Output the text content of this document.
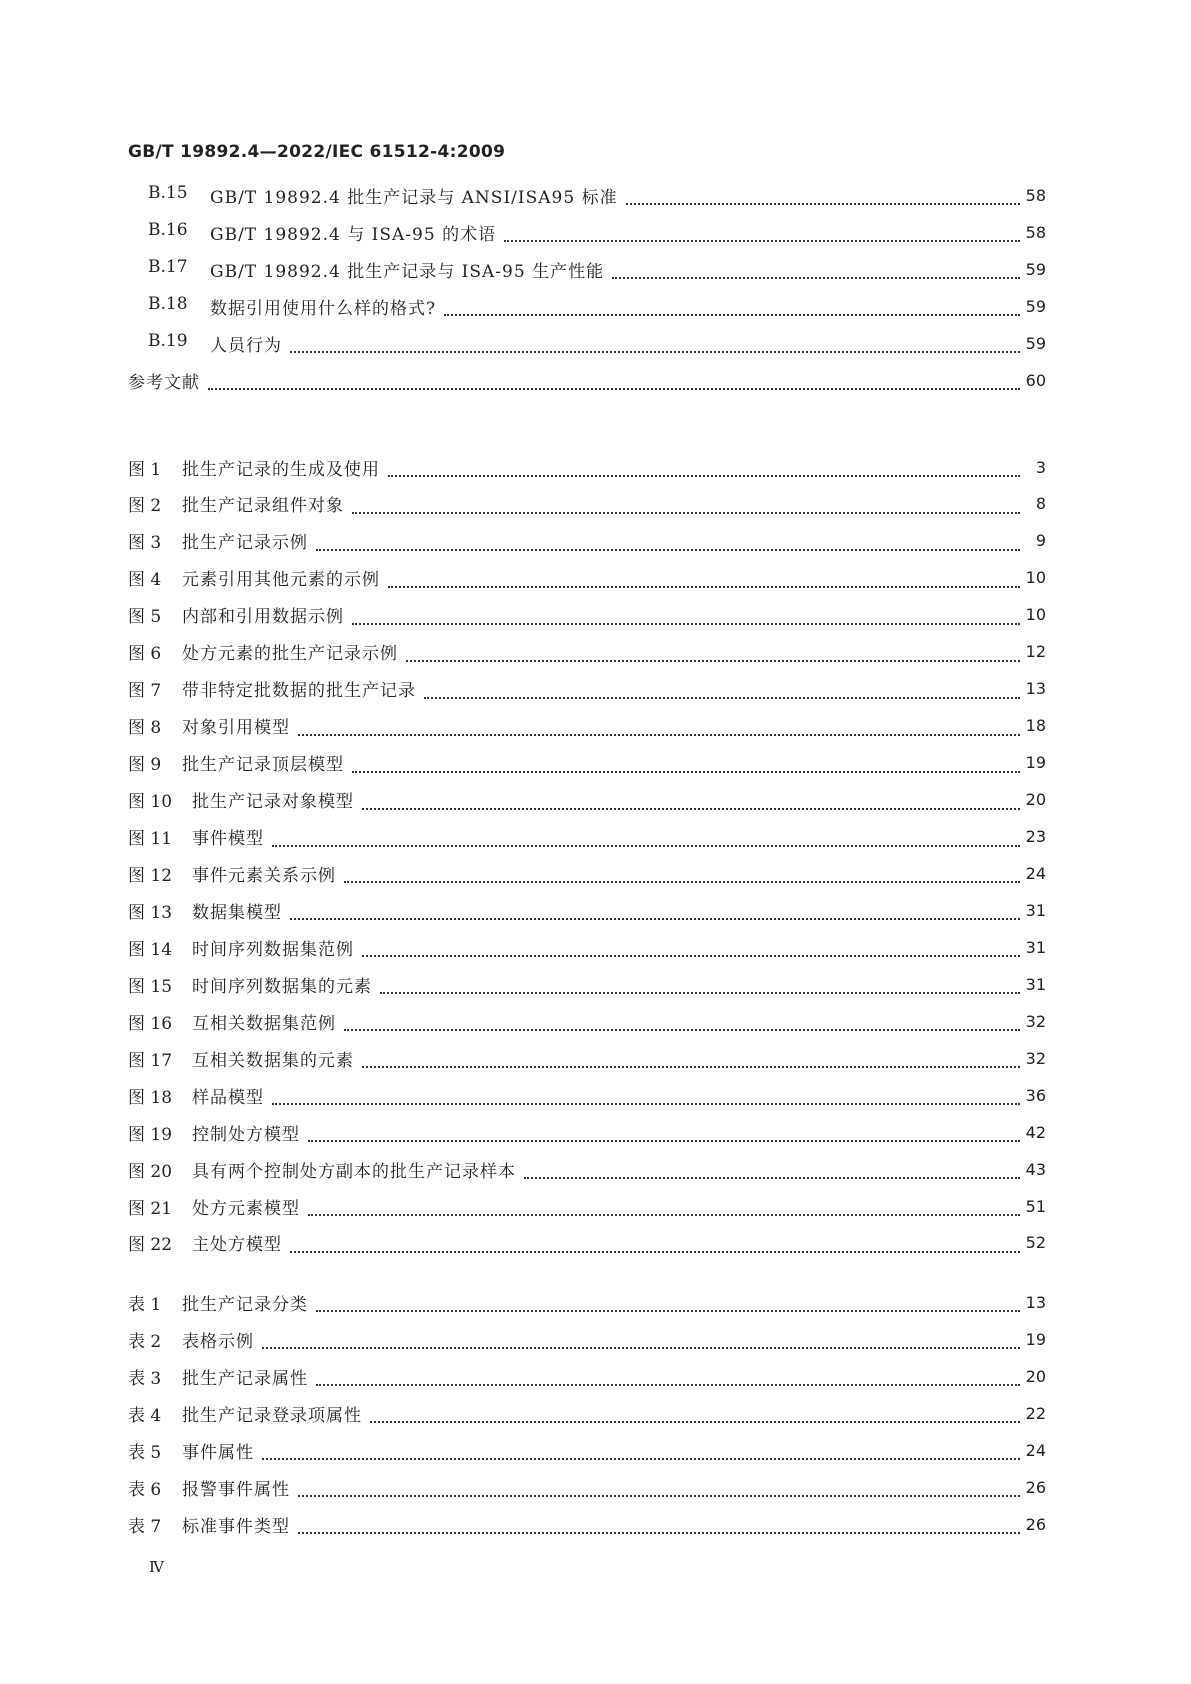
GB/T 19892.4—2022/IEC 61512-4:2009
B.15	GB/T 19892.4 批生产记录与 ANSI/ISA95 标准	58
B.16	GB/T 19892.4 与 ISA-95 的术语	58
B.17	GB/T 19892.4 批生产记录与 ISA-95 生产性能	59
B.18	数据引用使用什么样的格式?	59
B.19	人员行为	59
参考文献	60
图 1	批生产记录的生成及使用	3
图 2	批生产记录组件对象	8
图 3	批生产记录示例	9
图 4	元素引用其他元素的示例	10
图 5	内部和引用数据示例	10
图 6	处方元素的批生产记录示例	12
图 7	带非特定批数据的批生产记录	13
图 8	对象引用模型	18
图 9	批生产记录顶层模型	19
图 10	批生产记录对象模型	20
图 11	事件模型	23
图 12	事件元素关系示例	24
图 13	数据集模型	31
图 14	时间序列数据集范例	31
图 15	时间序列数据集的元素	31
图 16	互相关数据集范例	32
图 17	互相关数据集的元素	32
图 18	样品模型	36
图 19	控制处方模型	42
图 20	具有两个控制处方副本的批生产记录样本	43
图 21	处方元素模型	51
图 22	主处方模型	52
表 1	批生产记录分类	13
表 2	表格示例	19
表 3	批生产记录属性	20
表 4	批生产记录登录项属性	22
表 5	事件属性	24
表 6	报警事件属性	26
表 7	标准事件类型	26
Ⅳ
